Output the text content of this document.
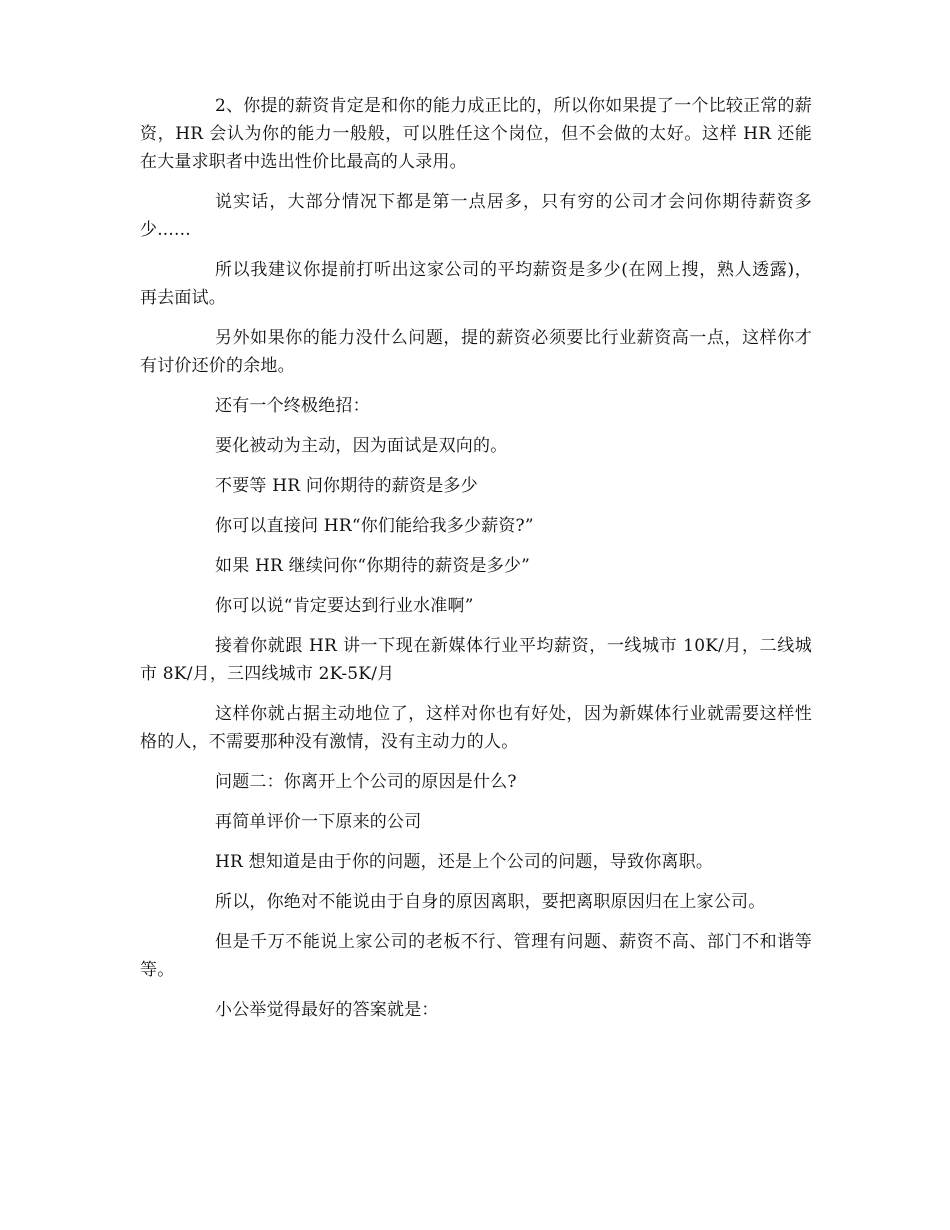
2、你提的薪资肯定是和你的能力成正比的，所以你如果提了一个比较正常的薪资，HR 会认为你的能力一般般，可以胜任这个岗位，但不会做的太好。这样 HR 还能在大量求职者中选出性价比最高的人录用。

说实话，大部分情况下都是第一点居多，只有穷的公司才会问你期待薪资多少......

所以我建议你提前打听出这家公司的平均薪资是多少(在网上搜，熟人透露)，再去面试。

另外如果你的能力没什么问题，提的薪资必须要比行业薪资高一点，这样你才有讨价还价的余地。

还有一个终极绝招：

要化被动为主动，因为面试是双向的。

不要等 HR 问你期待的薪资是多少

你可以直接问 HR“你们能给我多少薪资?”

如果 HR 继续问你“你期待的薪资是多少”

你可以说“肯定要达到行业水准啊”

接着你就跟 HR 讲一下现在新媒体行业平均薪资，一线城市 10K/月，二线城市 8K/月，三四线城市 2K-5K/月

这样你就占据主动地位了，这样对你也有好处，因为新媒体行业就需要这样性格的人，不需要那种没有激情，没有主动力的人。

问题二：你离开上个公司的原因是什么?

再简单评价一下原来的公司

HR 想知道是由于你的问题，还是上个公司的问题，导致你离职。

所以，你绝对不能说由于自身的原因离职，要把离职原因归在上家公司。

但是千万不能说上家公司的老板不行、管理有问题、薪资不高、部门不和谐等等。

小公举觉得最好的答案就是：
